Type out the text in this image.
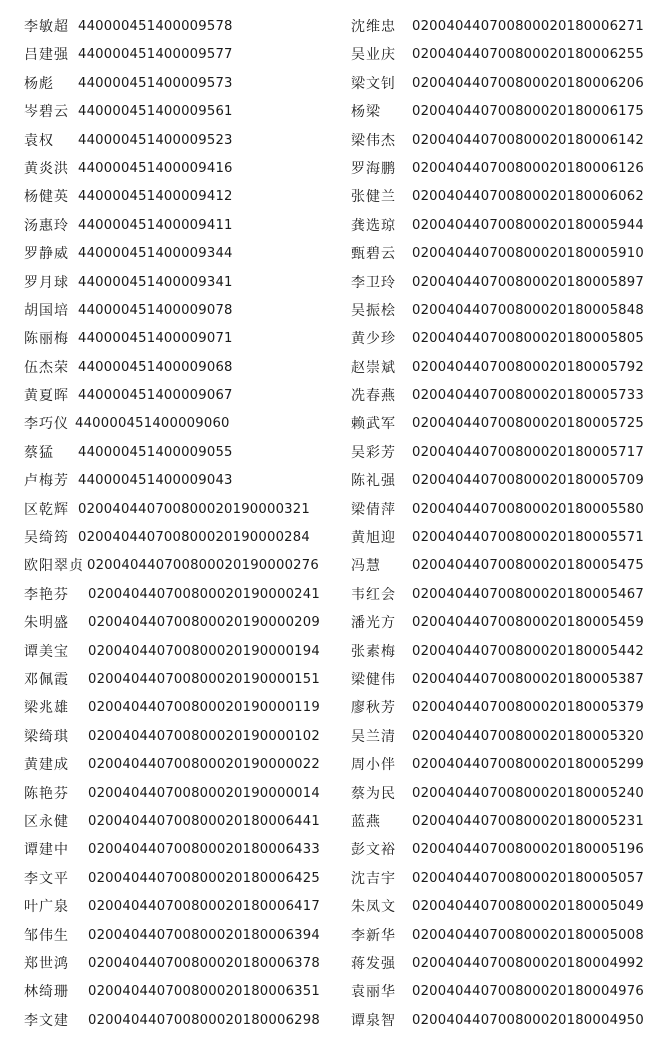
李敏超 440000451400009578
吕建强 440000451400009577
杨彪 440000451400009573
岑碧云 440000451400009561
袁权 440000451400009523
黄炎洪 440000451400009416
杨健英 440000451400009412
汤惠玲 440000451400009411
罗静威 440000451400009344
罗月球 440000451400009341
胡国培 440000451400009078
陈丽梅 440000451400009071
伍杰荣 440000451400009068
黄夏晖 440000451400009067
李巧仪 440000451400009060
蔡猛 440000451400009055
卢梅芳 440000451400009043
区乾辉 020040440700800020190000321
吴绮筠 020040440700800020190000284
欧阳翠贞 020040440700800020190000276
李艳芬 020040440700800020190000241
朱明盛 020040440700800020190000209
谭美宝 020040440700800020190000194
邓佩霞 020040440700800020190000151
梁兆雄 020040440700800020190000119
梁绮琪 020040440700800020190000102
黄建成 020040440700800020190000022
陈艳芬 020040440700800020190000014
区永健 020040440700800020180006441
谭建中 020040440700800020180006433
李文平 020040440700800020180006425
叶广泉 020040440700800020180006417
邹伟生 020040440700800020180006394
郑世鸿 020040440700800020180006378
林绮珊 020040440700800020180006351
李文建 020040440700800020180006298
沈维忠 020040440700800020180006271
吴业庆 020040440700800020180006255
梁文钊 020040440700800020180006206
杨梁 020040440700800020180006175
梁伟杰 020040440700800020180006142
罗海鹏 020040440700800020180006126
张健兰 020040440700800020180006062
龚选琼 020040440700800020180005944
甄碧云 020040440700800020180005910
李卫玲 020040440700800020180005897
吴振桧 020040440700800020180005848
黄少珍 020040440700800020180005805
赵崇斌 020040440700800020180005792
冼春燕 020040440700800020180005733
赖武军 020040440700800020180005725
吴彩芳 020040440700800020180005717
陈礼强 020040440700800020180005709
梁倩萍 020040440700800020180005580
黄旭迎 020040440700800020180005571
冯慧 020040440700800020180005475
韦红会 020040440700800020180005467
潘光方 020040440700800020180005459
张素梅 020040440700800020180005442
梁健伟 020040440700800020180005387
廖秋芳 020040440700800020180005379
吴兰清 020040440700800020180005320
周小伴 020040440700800020180005299
蔡为民 020040440700800020180005240
蓝燕 020040440700800020180005231
彭文裕 020040440700800020180005196
沈吉宇 020040440700800020180005057
朱凤文 020040440700800020180005049
李新华 020040440700800020180005008
蒋发强 020040440700800020180004992
袁丽华 020040440700800020180004976
谭泉智 020040440700800020180004950
